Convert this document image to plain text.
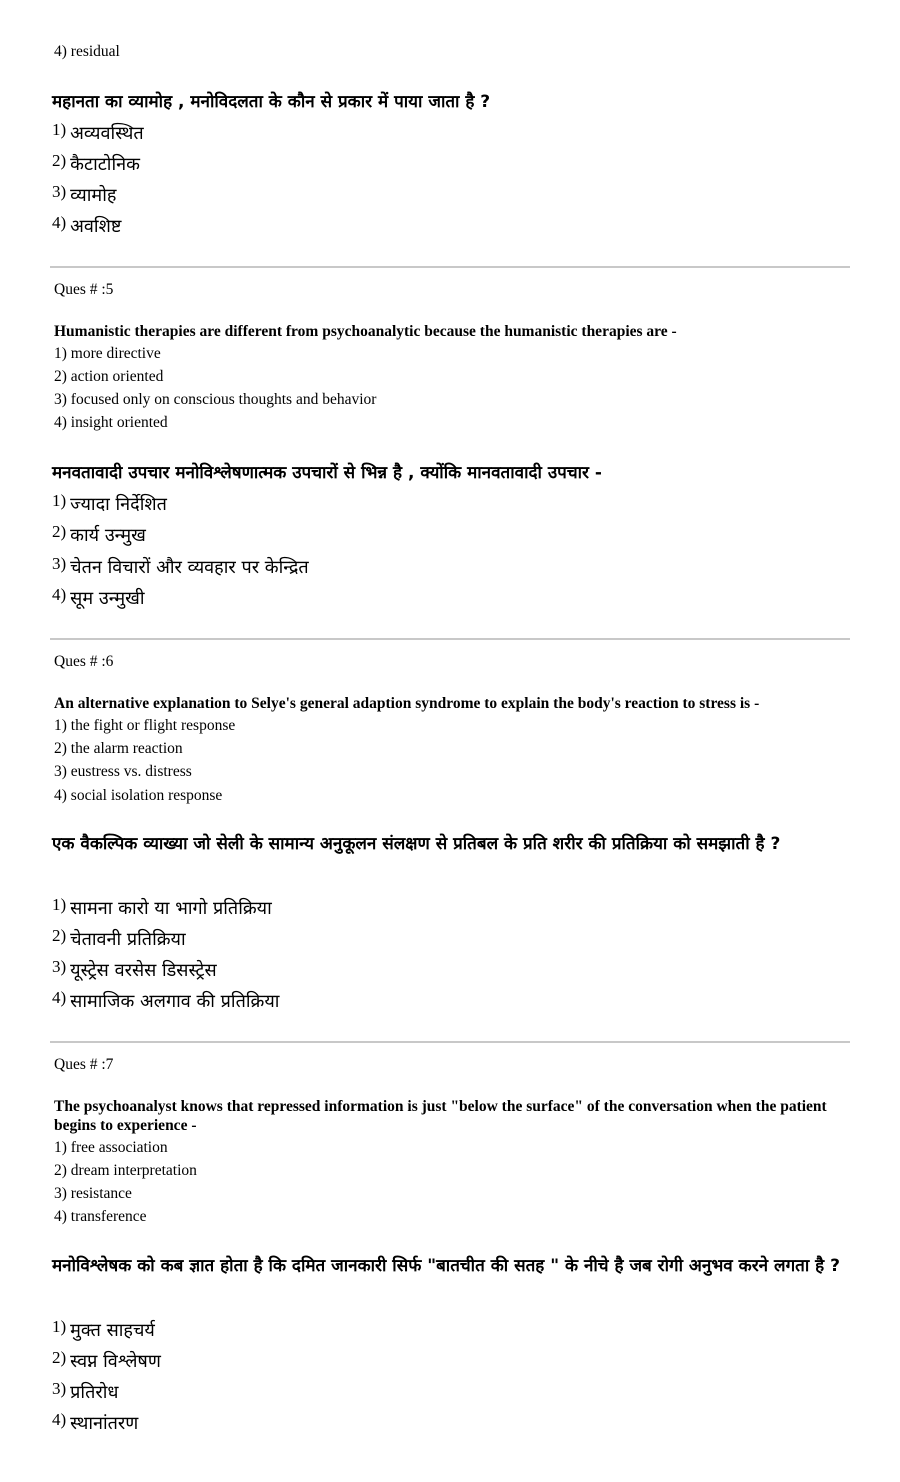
4) residual
महानता का व्यामोह , मनोविदलता के कौन से प्रकार में पाया जाता है ?
1) अव्यवस्थित
2) कैटाटोनिक
3) व्यामोह
4) अवशिष्ट
Ques # :5
Humanistic therapies are different from psychoanalytic because the humanistic therapies are -
1) more directive
2) action oriented
3) focused only on conscious thoughts and behavior
4) insight oriented
मनवतावादी उपचार मनोविश्लेषणात्मक उपचारों से भिन्न है , क्योंकि मानवतावादी उपचार -
1) ज्यादा निर्देशित
2) कार्य उन्मुख
3) चेतन विचारों और व्यवहार पर केन्द्रित
4) सूम उन्मुखी
Ques # :6
An alternative explanation to Selye's general adaption syndrome to explain the body's reaction to stress is -
1) the fight or flight response
2) the alarm reaction
3) eustress vs. distress
4) social isolation response
एक वैकल्पिक व्याख्या जो सेली के सामान्य अनुकूलन संलक्षण से प्रतिबल के प्रति शरीर की प्रतिक्रिया को समझाती है ?
1) सामना कारो या भागो प्रतिक्रिया
2) चेतावनी प्रतिक्रिया
3) यूस्ट्रेस वरसेस डिसस्ट्रेस
4) सामाजिक अलगाव की प्रतिक्रिया
Ques # :7
The psychoanalyst knows that repressed information is just "below the surface" of the conversation when the patient begins to experience -
1) free association
2) dream interpretation
3) resistance
4) transference
मनोविश्लेषक को कब ज्ञात होता है कि दमित जानकारी सिर्फ "बातचीत की सतह " के नीचे है जब रोगी अनुभव करने लगता है ?
1) मुक्त साहचर्य
2) स्वप्न विश्लेषण
3) प्रतिरोध
4) स्थानांतरण
